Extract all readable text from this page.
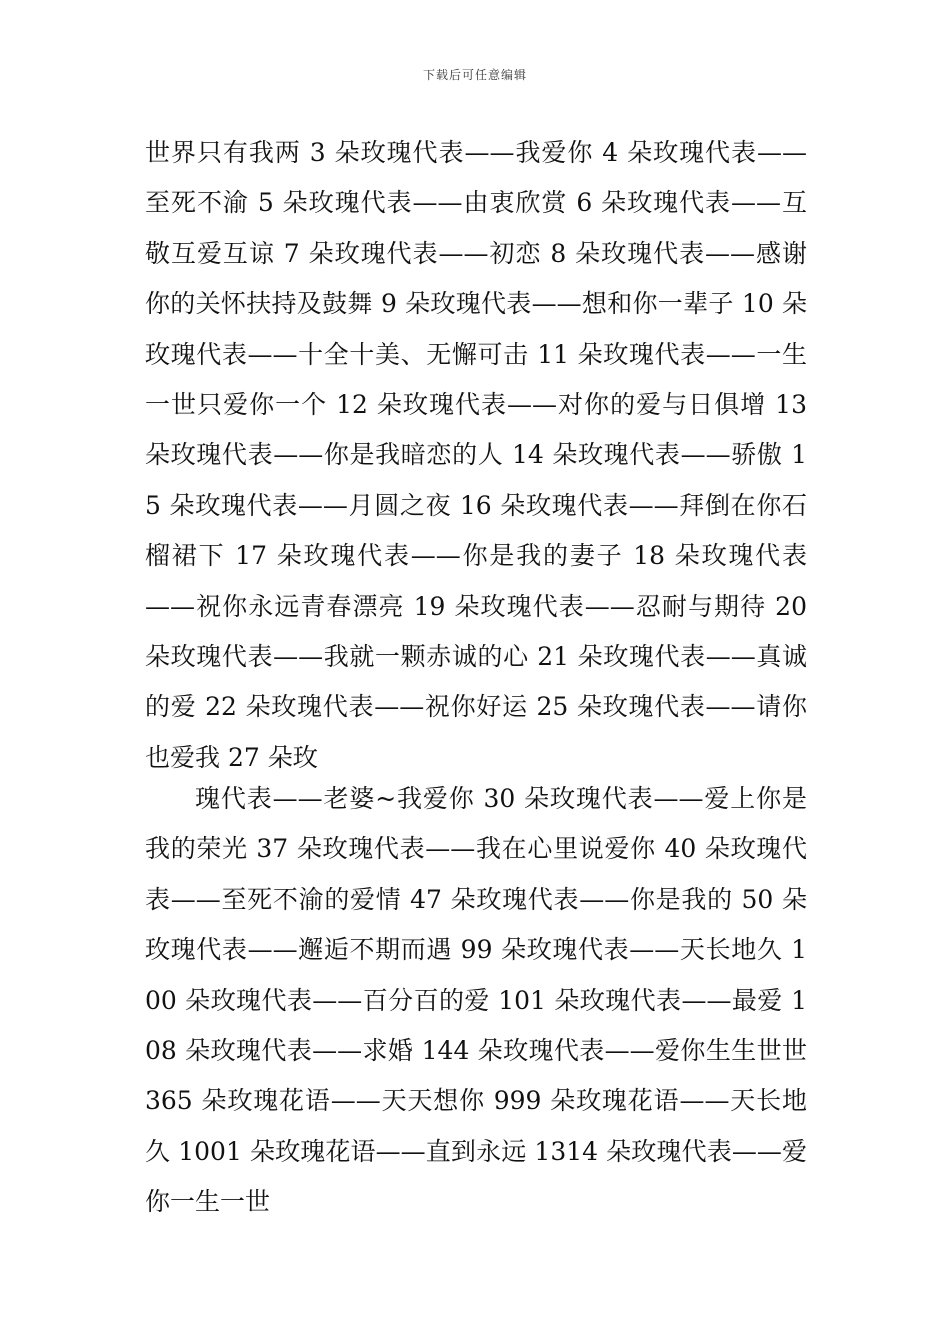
下载后可任意编辑

世界只有我两 3 朵玫瑰代表——我爱你 4 朵玫瑰代表——至死不渝 5 朵玫瑰代表——由衷欣赏 6 朵玫瑰代表——互敬互爱互谅 7 朵玫瑰代表——初恋 8 朵玫瑰代表——感谢你的关怀扶持及鼓舞 9 朵玫瑰代表——想和你一辈子 10 朵玫瑰代表——十全十美、无懈可击 11 朵玫瑰代表——一生一世只爱你一个 12 朵玫瑰代表——对你的爱与日俱增 13 朵玫瑰代表——你是我暗恋的人 14 朵玫瑰代表——骄傲 15 朵玫瑰代表——月圆之夜 16 朵玫瑰代表——拜倒在你石榴裙下 17 朵玫瑰代表——你是我的妻子 18 朵玫瑰代表——祝你永远青春漂亮 19 朵玫瑰代表——忍耐与期待 20 朵玫瑰代表——我就一颗赤诚的心 21 朵玫瑰代表——真诚的爱 22 朵玫瑰代表——祝你好运 25 朵玫瑰代表——请你也爱我 27 朵玫

瑰代表——老婆~我爱你 30 朵玫瑰代表——爱上你是我的荣光 37 朵玫瑰代表——我在心里说爱你 40 朵玫瑰代表——至死不渝的爱情 47 朵玫瑰代表——你是我的 50 朵玫瑰代表——邂逅不期而遇 99 朵玫瑰代表——天长地久 100 朵玫瑰代表——百分百的爱 101 朵玫瑰代表——最爱 108 朵玫瑰代表——求婚 144 朵玫瑰代表——爱你生生世世 365 朵玫瑰花语——天天想你 999 朵玫瑰花语——天长地久 1001 朵玫瑰花语——直到永远 1314 朵玫瑰代表——爱你一生一世
